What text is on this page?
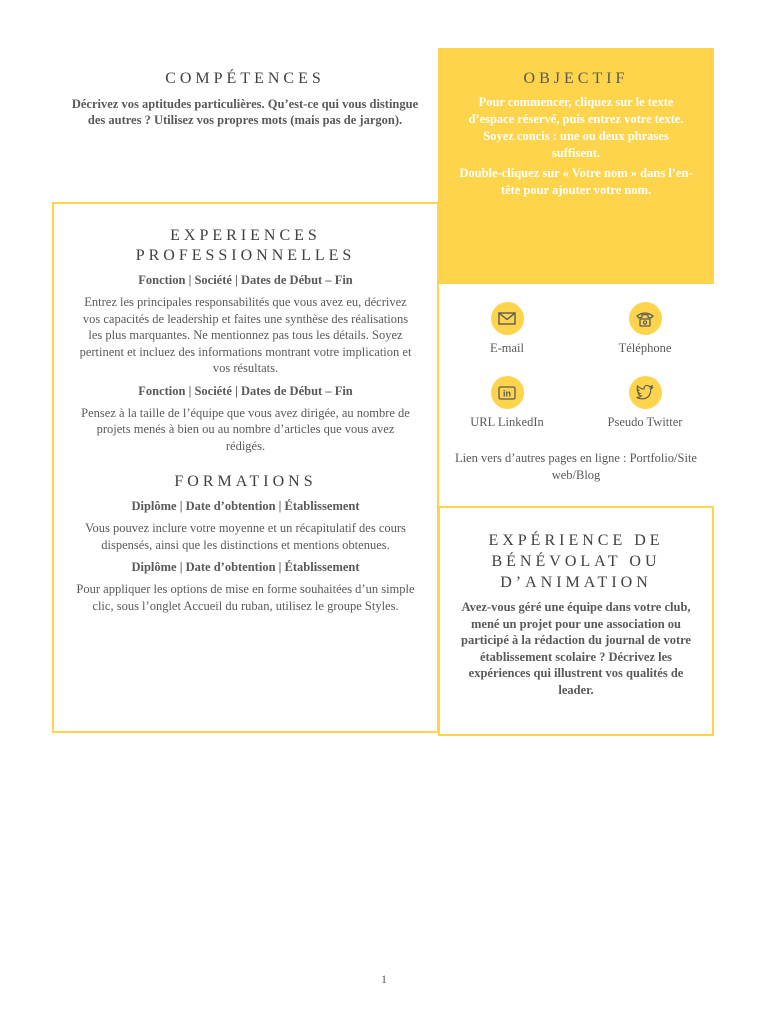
COMPÉTENCES

Décrivez vos aptitudes particulières. Qu’est-ce qui vous distingue des autres ? Utilisez vos propres mots (mais pas de jargon).

OBJECTIF

Pour commencer, cliquez sur le texte d’espace réservé, puis entrez votre texte. Soyez concis : une ou deux phrases suffisent.

Double-cliquez sur « Votre nom » dans l’en-tête pour ajouter votre nom.

EXPERIENCES PROFESSIONNELLES
Fonction | Société | Dates de Début – Fin
Entrez les principales responsabilités que vous avez eu, décrivez vos capacités de leadership et faites une synthèse des réalisations les plus marquantes. Ne mentionnez pas tous les détails. Soyez pertinent et incluez des informations montrant votre implication et vos résultats.
Fonction | Société | Dates de Début – Fin
Pensez à la taille de l’équipe que vous avez dirigée, au nombre de projets menés à bien ou au nombre d’articles que vous avez rédigés.
FORMATIONS
Diplôme | Date d’obtention | Établissement
Vous pouvez inclure votre moyenne et un récapitulatif des cours dispensés, ainsi que les distinctions et mentions obtenues.
Diplôme | Date d’obtention | Établissement
Pour appliquer les options de mise en forme souhaitées d’un simple clic, sous l’onglet Accueil du ruban, utilisez le groupe Styles.
E-mail	Téléphone
in
URL LinkedIn	Pseudo Twitter
Lien vers d’autres pages en ligne : Portfolio/Site web/Blog
EXPÉRIENCE DE BÉNÉVOLAT OU D’ANIMATION

Avez-vous géré une équipe dans votre club, mené un projet pour une association ou participé à la rédaction du journal de votre établissement scolaire ? Décrivez les expériences qui illustrent vos qualités de leader.

1
